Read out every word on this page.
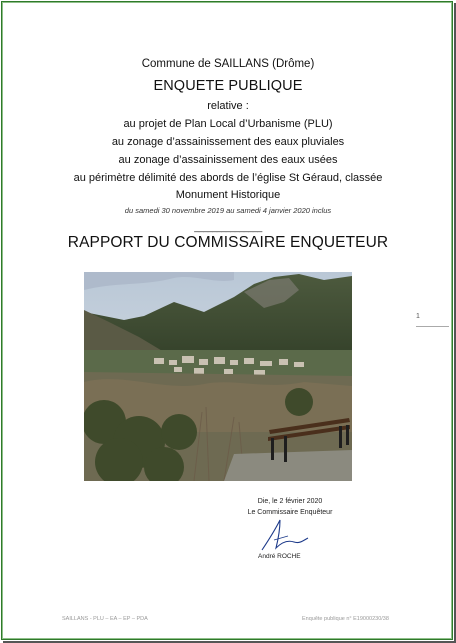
Commune de SAILLANS (Drôme)
ENQUETE PUBLIQUE
relative :
au projet de Plan Local d’Urbanisme (PLU)
au zonage d’assainissement des eaux pluviales
au zonage d’assainissement des eaux usées
au périmètre délimité des abords de l’église St Géraud, classée
Monument Historique
du samedi 30 novembre 2019 au samedi 4 janvier 2020 inclus
_______________
RAPPORT DU COMMISSAIRE ENQUETEUR
1
Die, le 2 février 2020
Le Commissaire Enquêteur
André ROCHE
SAILLANS - PLU – EA – EP – PDA	Enquête publique n° E19000230/38
